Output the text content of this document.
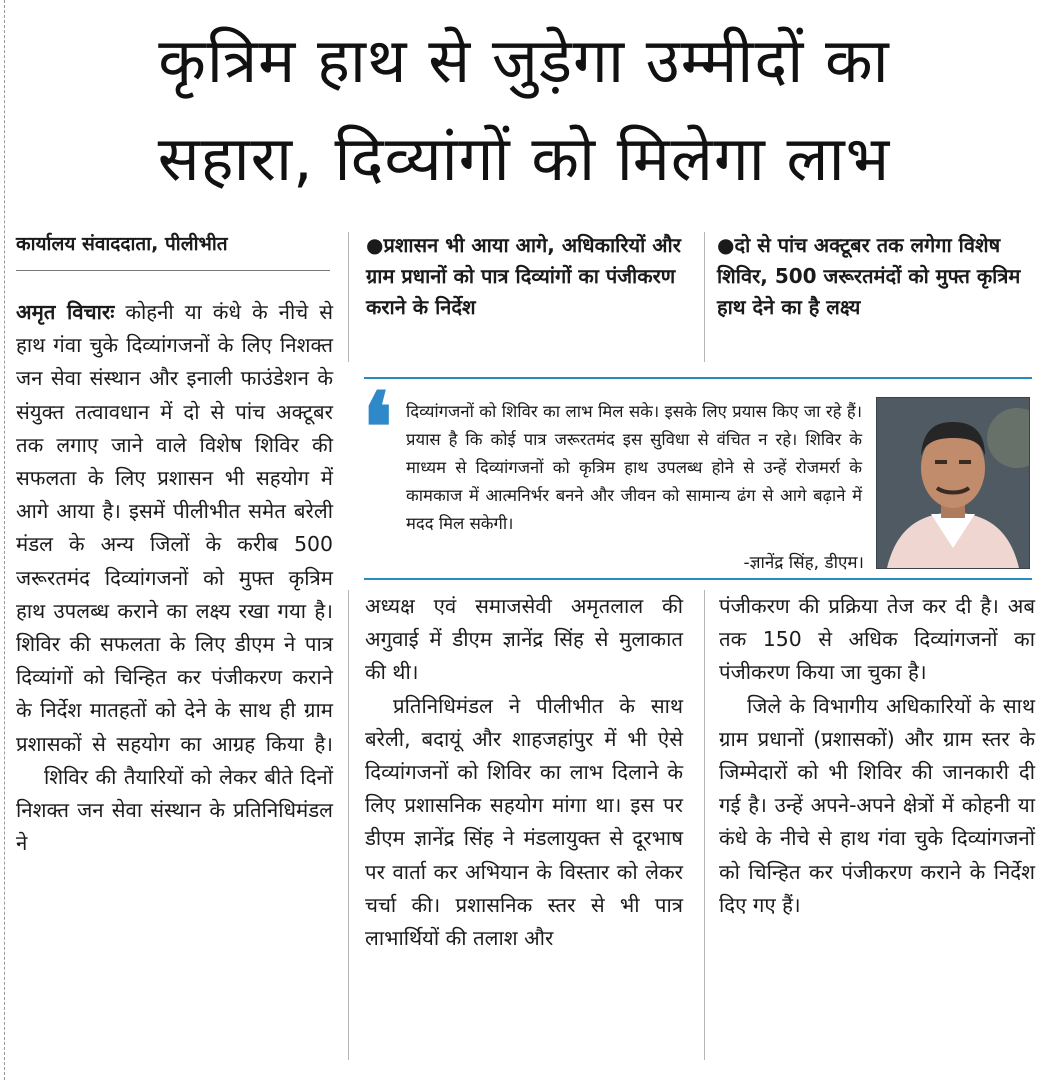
कृत्रिम हाथ से जुड़ेगा उम्मीदों का
सहारा, दिव्यांगों को मिलेगा लाभ
कार्यालय संवाददाता, पीलीभीत	●प्रशासन भी आया आगे, अधिकारियों और ग्राम प्रधानों को पात्र दिव्यांगों का पंजीकरण कराने के निर्देश
●दो से पांच अक्टूबर तक लगेगा विशेष शिविर, 500 जरूरतमंदों को मुफ्त कृत्रिम हाथ देने का है लक्ष्य
❛ दिव्यांगजनों को शिविर का लाभ मिल सके। इसके लिए प्रयास किए जा रहे हैं। प्रयास है कि कोई पात्र जरूरतमंद इस सुविधा से वंचित न रहे। शिविर के माध्यम से दिव्यांगजनों को कृत्रिम हाथ उपलब्ध होने से उन्हें रोजमर्रा के कामकाज में आत्मनिर्भर बनने और जीवन को सामान्य ढंग से आगे बढ़ाने में मदद मिल सकेगी।
-ज्ञानेंद्र सिंह, डीएम।

अमृत विचारः कोहनी या कंधे के नीचे से हाथ गंवा चुके दिव्यांगजनों के लिए निशक्त जन सेवा संस्थान और इनाली फाउंडेशन के संयुक्त तत्वावधान में दो से पांच अक्टूबर तक लगाए जाने वाले विशेष शिविर की सफलता के लिए प्रशासन भी सहयोग में आगे आया है। इसमें पीलीभीत समेत बरेली मंडल के अन्य जिलों के करीब 500 जरूरतमंद दिव्यांगजनों को मुफ्त कृत्रिम हाथ उपलब्ध कराने का लक्ष्य रखा गया है। शिविर की सफलता के लिए डीएम ने पात्र दिव्यांगों को चिन्हित कर पंजीकरण कराने के निर्देश मातहतों को देने के साथ ही ग्राम प्रशासकों से सहयोग का आग्रह किया है।

शिविर की तैयारियों को लेकर बीते दिनों निशक्त जन सेवा संस्थान के प्रतिनिधिमंडल ने

अध्यक्ष एवं समाजसेवी अमृतलाल की अगुवाई में डीएम ज्ञानेंद्र सिंह से मुलाकात की थी।

प्रतिनिधिमंडल ने पीलीभीत के साथ बरेली, बदायूं और शाहजहांपुर में भी ऐसे दिव्यांगजनों को शिविर का लाभ दिलाने के लिए प्रशासनिक सहयोग मांगा था। इस पर डीएम ज्ञानेंद्र सिंह ने मंडलायुक्त से दूरभाष पर वार्ता कर अभियान के विस्तार को लेकर चर्चा की। प्रशासनिक स्तर से भी पात्र लाभार्थियों की तलाश और

पंजीकरण की प्रक्रिया तेज कर दी है। अब तक 150 से अधिक दिव्यांगजनों का पंजीकरण किया जा चुका है।

जिले के विभागीय अधिकारियों के साथ ग्राम प्रधानों (प्रशासकों) और ग्राम स्तर के जिम्मेदारों को भी शिविर की जानकारी दी गई है। उन्हें अपने-अपने क्षेत्रों में कोहनी या कंधे के नीचे से हाथ गंवा चुके दिव्यांगजनों को चिन्हित कर पंजीकरण कराने के निर्देश दिए गए हैं।
